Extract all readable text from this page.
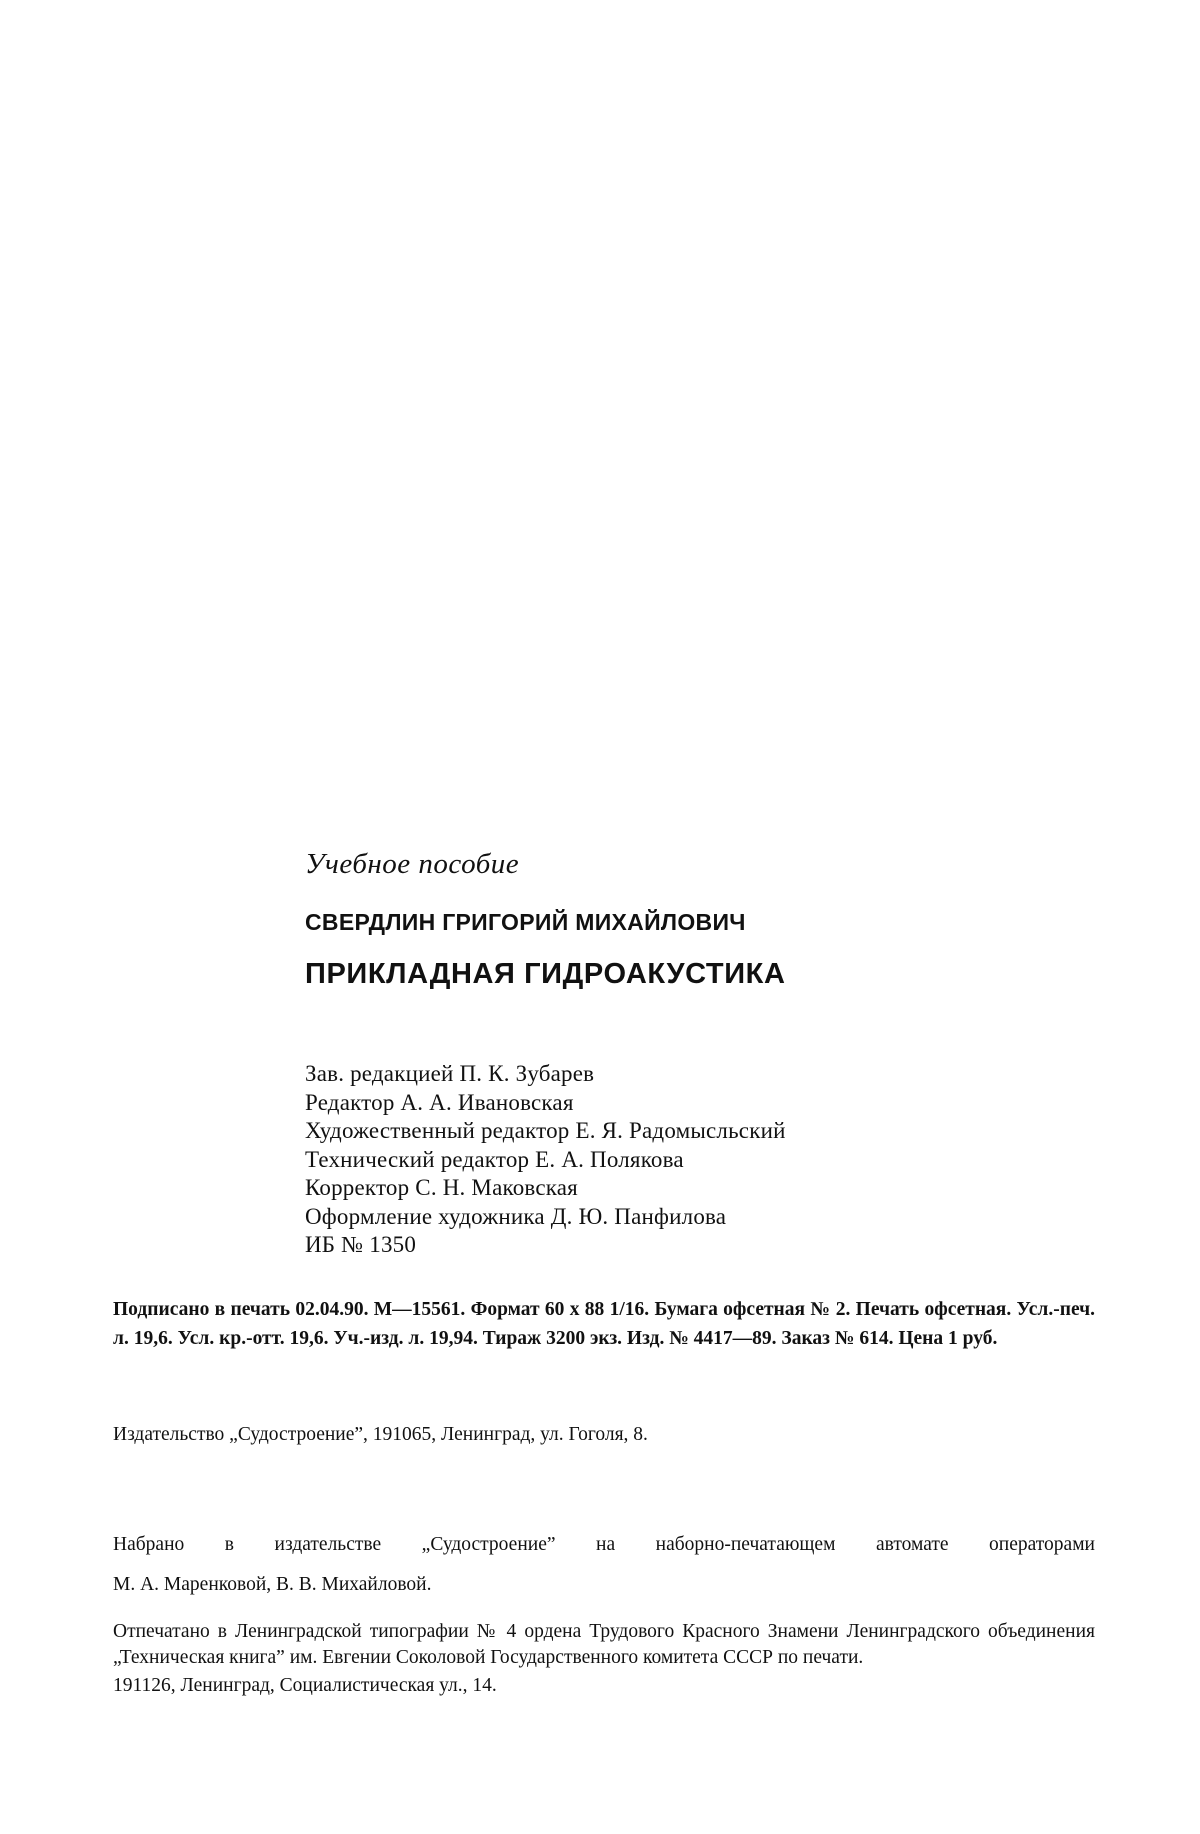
Учебное пособие
СВЕРДЛИН ГРИГОРИЙ МИХАЙЛОВИЧ
ПРИКЛАДНАЯ ГИДРОАКУСТИКА
Зав. редакцией П. К. Зубарев
Редактор А. А. Ивановская
Художественный редактор Е. Я. Радомысльский
Технический редактор Е. А. Полякова
Корректор С. Н. Маковская
Оформление художника Д. Ю. Панфилова
ИБ № 1350
Подписано в печать 02.04.90. М—15561. Формат 60 x 88 1/16. Бумага офсетная № 2. Печать офсетная. Усл.-печ. л. 19,6. Усл. кр.-отт. 19,6. Уч.-изд. л. 19,94. Тираж 3200 экз. Изд. № 4417—89. Заказ № 614. Цена 1 руб.
Издательство „Судостроение”, 191065, Ленинград, ул. Гоголя, 8.
Набрано в издательстве „Судостроение” на наборно-печатающем автомате операторами
М. А. Маренковой, В. В. Михайловой.
Отпечатано в Ленинградской типографии № 4 ордена Трудового Красного Знамени Ленинградского объединения „Техническая книга” им. Евгении Соколовой Государственного комитета СССР по печати.
191126, Ленинград, Социалистическая ул., 14.
